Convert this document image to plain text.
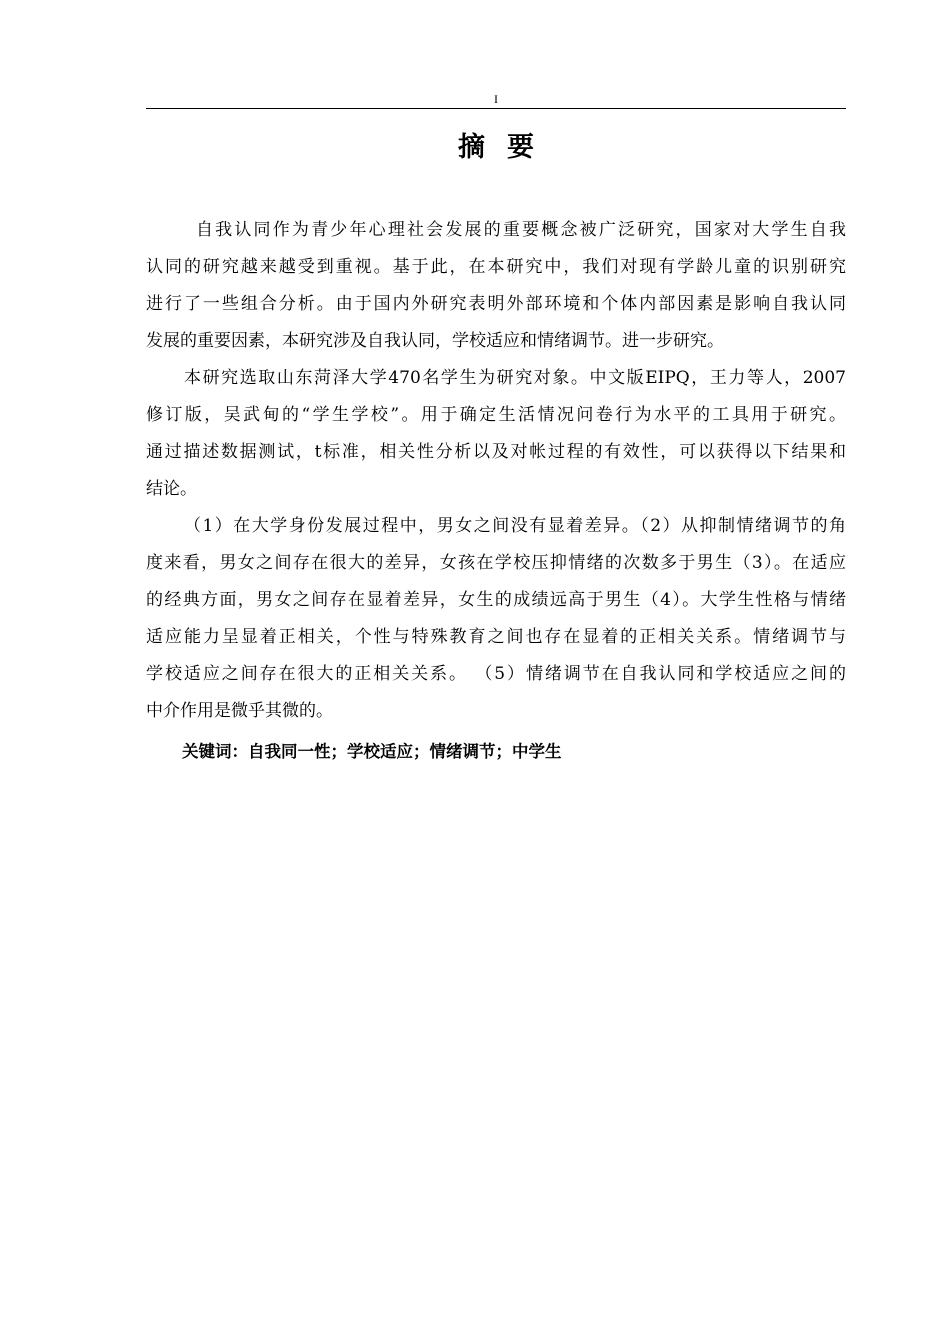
I
摘要

自我认同作为青少年心理社会发展的重要概念被广泛研究，国家对大学生自我
认同的研究越来越受到重视。基于此，在本研究中，我们对现有学龄儿童的识别研究
进行了一些组合分析。由于国内外研究表明外部环境和个体内部因素是影响自我认同
发展的重要因素，本研究涉及自我认同，学校适应和情绪调节。进一步研究。

本研究选取山东菏泽大学470名学生为研究对象。中文版EIPQ，王力等人，2007
修订版，吴武甸的“学生学校”。用于确定生活情况问卷行为水平的工具用于研究。
通过描述数据测试，t标准，相关性分析以及对帐过程的有效性，可以获得以下结果和
结论。

（1）在大学身份发展过程中，男女之间没有显着差异。（2）从抑制情绪调节的角
度来看，男女之间存在很大的差异，女孩在学校压抑情绪的次数多于男生（3）。在适应
的经典方面，男女之间存在显着差异，女生的成绩远高于男生（4）。大学生性格与情绪
适应能力呈显着正相关，个性与特殊教育之间也存在显着的正相关关系。情绪调节与
学校适应之间存在很大的正相关关系。 （5）情绪调节在自我认同和学校适应之间的
中介作用是微乎其微的。

关键词：自我同一性；学校适应；情绪调节；中学生
